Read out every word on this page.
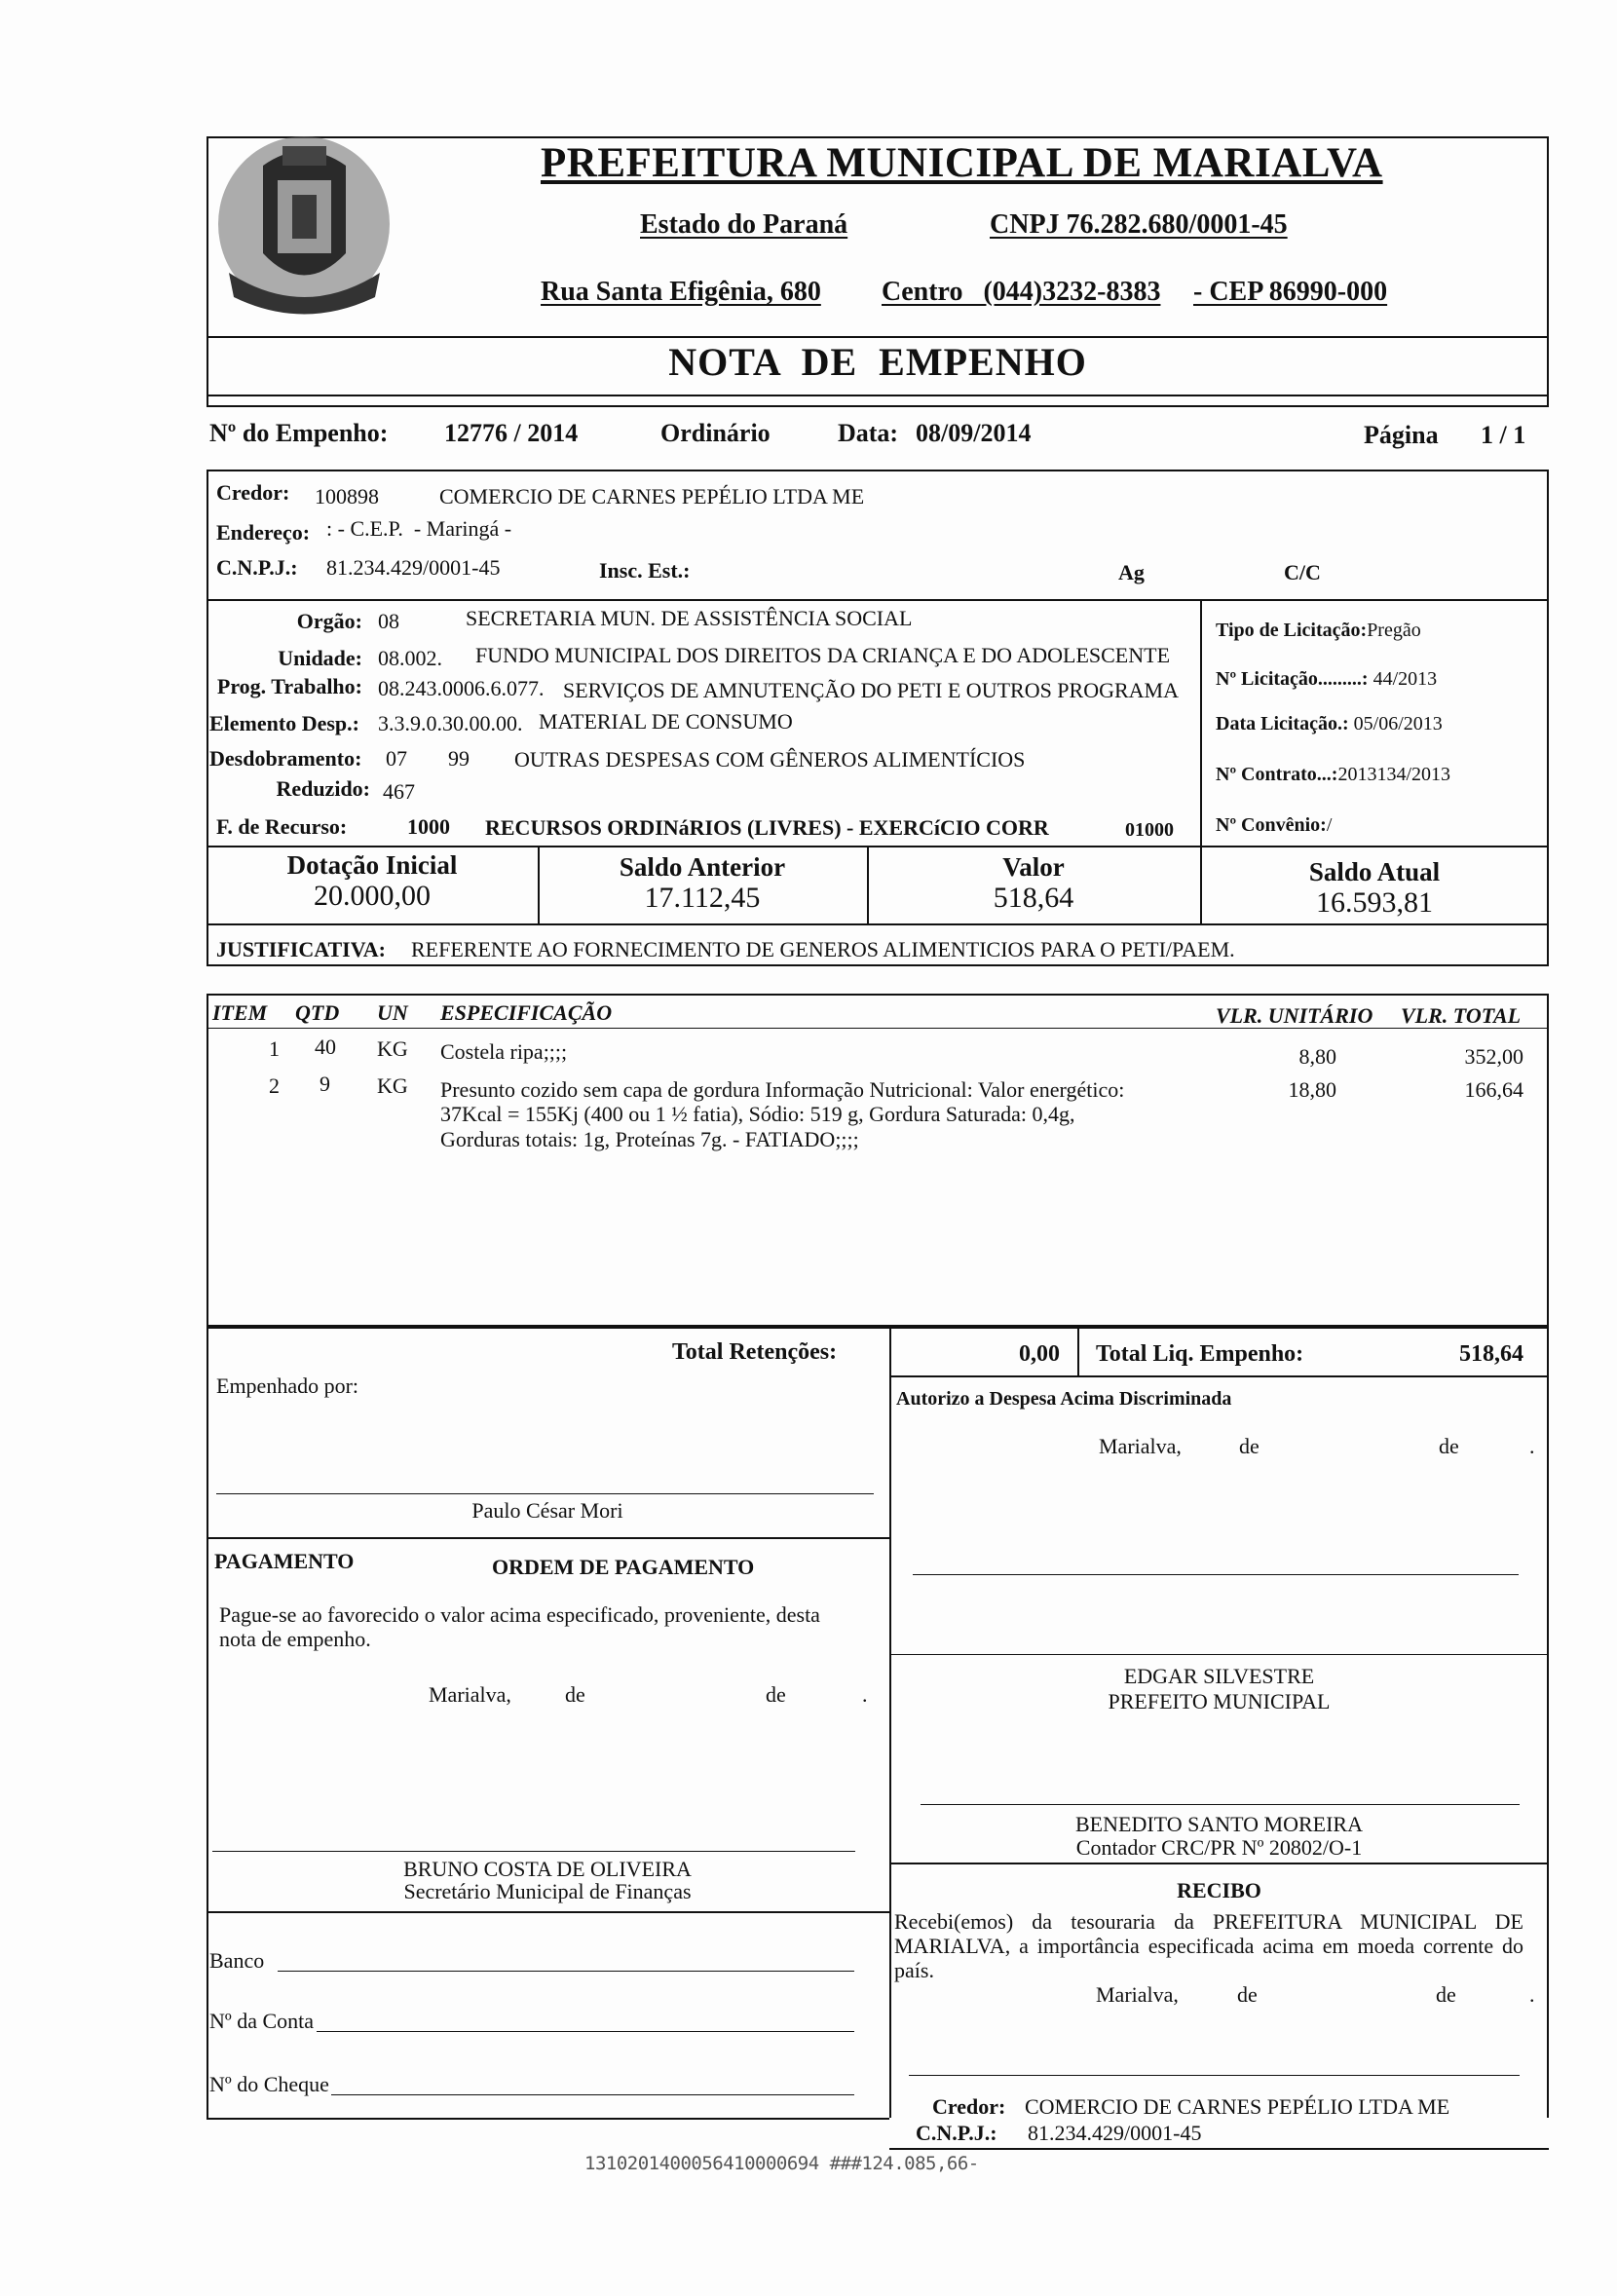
PREFEITURA MUNICIPAL DE MARIALVA
Estado do Paraná	CNPJ 76.282.680/0001-45
Rua Santa Efigênia, 680 Centro   (044)3232-8383 - CEP 86990-000
NOTA  DE  EMPENHO
Nº do Empenho: 12776 / 2014	Ordinário	Data: 08/09/2014	Página 1 / 1
Credor: 100898	COMERCIO DE CARNES PEPÉLIO LTDA ME
Endereço: : - C.E.P.  - Maringá -
C.N.P.J.: 81.234.429/0001-45	Insc. Est.:	Ag	C/C
Orgão: 08	SECRETARIA MUN. DE ASSISTÊNCIA SOCIAL
Unidade: 08.002. FUNDO MUNICIPAL DOS DIREITOS DA CRIANÇA E DO ADOLESCENTE
Prog. Trabalho: 08.243.0006.6.077. SERVIÇOS DE AMNUTENÇÃO DO PETI E OUTROS PROGRAMA
Elemento Desp.: 3.3.9.0.30.00.00. MATERIAL DE CONSUMO
Desdobramento: 07 99 OUTRAS DESPESAS COM GÊNEROS ALIMENTÍCIOS
Reduzido: 467
F. de Recurso:	1000 RECURSOS ORDINáRIOS (LIVRES) - EXERCíCIO CORR	01000
Tipo de Licitação:Pregão
Nº Licitação.........: 44/2013
Data Licitação.: 05/06/2013
Nº Contrato...:2013134/2013
Nº Convênio:/
Dotação Inicial
20.000,00
Saldo Anterior
17.112,45
Valor
518,64
Saldo Atual
16.593,81
JUSTIFICATIVA: REFERENTE AO FORNECIMENTO DE GENEROS ALIMENTICIOS PARA O PETI/PAEM.
ITEM QTD UN ESPECIFICAÇÃO	VLR. UNITÁRIO VLR. TOTAL
1 40 KG Costela ripa;;;;	8,80	352,00
2 9 KG Presunto cozido sem capa de gordura Informação Nutricional: Valor energético:
37Kcal = 155Kj (400 ou 1 ½ fatia), Sódio: 519 g, Gordura Saturada: 0,4g,
Gorduras totais: 1g, Proteínas 7g. - FATIADO;;;;
18,80	166,64
Total Retenções:	0,00 Total Liq. Empenho:	518,64
Empenhado por:
Paulo César Mori
PAGAMENTO	ORDEM DE PAGAMENTO
Pague-se ao favorecido o valor acima especificado, proveniente, desta nota de empenho.
Marialva,	de	de	.
BRUNO COSTA DE OLIVEIRA
Secretário Municipal de Finanças
Banco
Nº da Conta
Nº do Cheque
Autorizo a Despesa Acima Discriminada
Marialva,	de	de	.
EDGAR SILVESTRE
PREFEITO MUNICIPAL
BENEDITO SANTO MOREIRA
Contador CRC/PR Nº 20802/O-1
RECIBO
Recebi(emos) da tesouraria da PREFEITURA MUNICIPAL DE MARIALVA, a importância especificada acima em moeda corrente do país.
Marialva,	de	de	.
Credor: COMERCIO DE CARNES PEPÉLIO LTDA ME
C.N.P.J.: 81.234.429/0001-45
1310201400056410000694 ###124.085,66-
